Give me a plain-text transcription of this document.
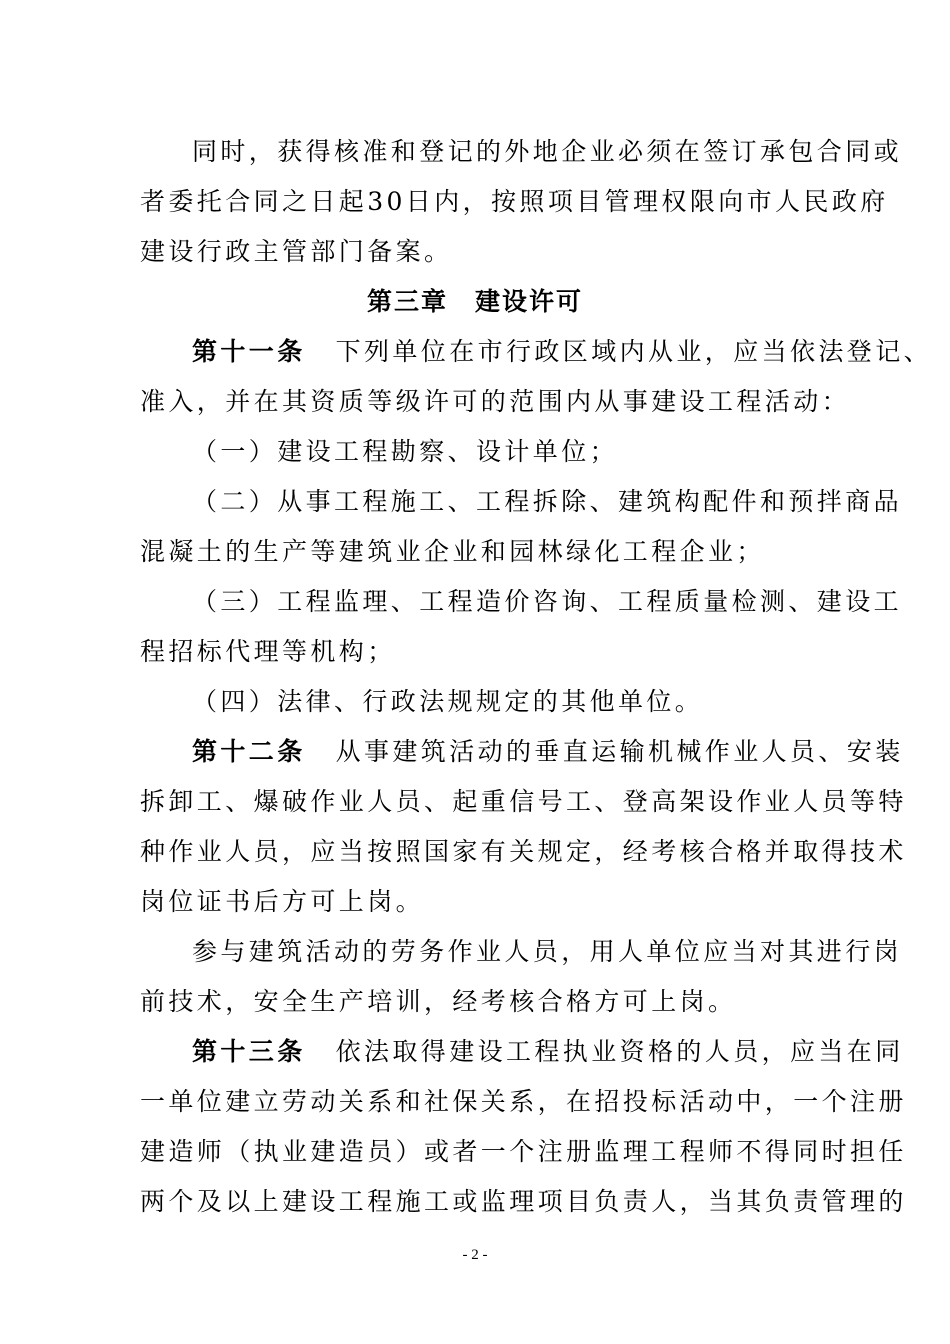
同时，获得核准和登记的外地企业必须在签订承包合同或
者委托合同之日起30日内，按照项目管理权限向市人民政府
建设行政主管部门备案。
第三章　建设许可
第十一条 下列单位在市行政区域内从业，应当依法登记、
准入，并在其资质等级许可的范围内从事建设工程活动：
（一）建设工程勘察、设计单位；
（二）从事工程施工、工程拆除、建筑构配件和预拌商品
混凝土的生产等建筑业企业和园林绿化工程企业；
（三）工程监理、工程造价咨询、工程质量检测、建设工
程招标代理等机构；
（四）法律、行政法规规定的其他单位。
第十二条 从事建筑活动的垂直运输机械作业人员、安装
拆卸工、爆破作业人员、起重信号工、登高架设作业人员等特
种作业人员，应当按照国家有关规定，经考核合格并取得技术
岗位证书后方可上岗。
参与建筑活动的劳务作业人员，用人单位应当对其进行岗
前技术，安全生产培训，经考核合格方可上岗。
第十三条 依法取得建设工程执业资格的人员，应当在同
一单位建立劳动关系和社保关系，在招投标活动中，一个注册
建造师（执业建造员）或者一个注册监理工程师不得同时担任
两个及以上建设工程施工或监理项目负责人，当其负责管理的
- 2 -
